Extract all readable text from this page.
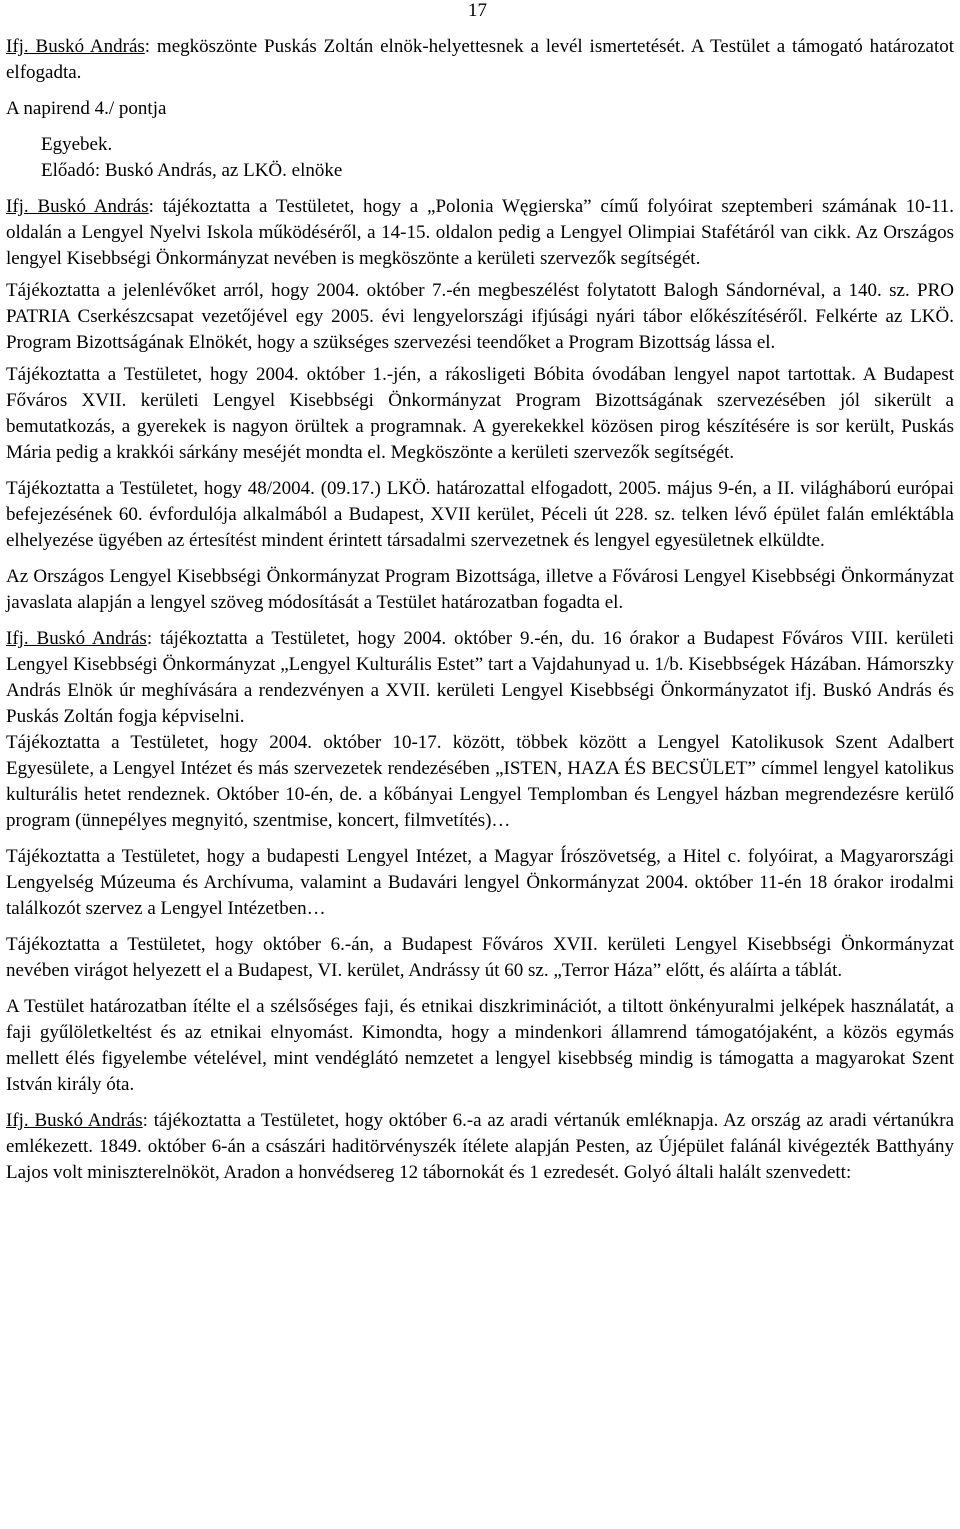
17

Ifj. Buskó András: megköszönte Puskás Zoltán elnök-helyettesnek a levél ismertetését. A Testület a támogató határozatot elfogadta.

A napirend 4./ pontja

Egyebek.

Előadó: Buskó András, az LKÖ. elnöke

Ifj. Buskó András: tájékoztatta a Testületet, hogy a „Polonia Węgierska” című folyóirat szeptemberi számának 10-11. oldalán a Lengyel Nyelvi Iskola működéséről, a 14-15. oldalon pedig a Lengyel Olimpiai Stafétáról van cikk. Az Országos lengyel Kisebbségi Önkormányzat nevében is megköszönte a kerületi szervezők segítségét.

Tájékoztatta a jelenlévőket arról, hogy 2004. október 7.-én megbeszélést folytatott Balogh Sándornéval, a 140. sz. PRO PATRIA Cserkészcsapat vezetőjével egy 2005. évi lengyelországi ifjúsági nyári tábor előkészítéséről. Felkérte az LKÖ. Program Bizottságának Elnökét, hogy a szükséges szervezési teendőket a Program Bizottság lássa el.

Tájékoztatta a Testületet, hogy 2004. október 1.-jén, a rákosligeti Bóbita óvodában lengyel napot tartottak. A Budapest Főváros XVII. kerületi Lengyel Kisebbségi Önkormányzat Program Bizottságának szervezésében jól sikerült a bemutatkozás, a gyerekek is nagyon örültek a programnak. A gyerekekkel közösen pirog készítésére is sor került, Puskás Mária pedig a krakkói sárkány meséjét mondta el. Megköszönte a kerületi szervezők segítségét.

Tájékoztatta a Testületet, hogy 48/2004. (09.17.) LKÖ. határozattal elfogadott, 2005. május 9-én, a II. világháború európai befejezésének 60. évfordulója alkalmából a Budapest, XVII kerület, Péceli út 228. sz. telken lévő épület falán emléktábla elhelyezése ügyében az értesítést mindent érintett társadalmi szervezetnek és lengyel egyesületnek elküldte.

Az Országos Lengyel Kisebbségi Önkormányzat Program Bizottsága, illetve a Fővárosi Lengyel Kisebbségi Önkormányzat javaslata alapján a lengyel szöveg módosítását a Testület határozatban fogadta el.

Ifj. Buskó András: tájékoztatta a Testületet, hogy 2004. október 9.-én, du. 16 órakor a Budapest Főváros VIII. kerületi Lengyel Kisebbségi Önkormányzat „Lengyel Kulturális Estet” tart a Vajdahunyad u. 1/b. Kisebbségek Házában. Hámorszky András Elnök úr meghívására a rendezvényen a XVII. kerületi Lengyel Kisebbségi Önkormányzatot ifj. Buskó András és Puskás Zoltán fogja képviselni.

Tájékoztatta a Testületet, hogy 2004. október 10-17. között, többek között a Lengyel Katolikusok Szent Adalbert Egyesülete, a Lengyel Intézet és más szervezetek rendezésében „ISTEN, HAZA ÉS BECSÜLET” címmel lengyel katolikus kulturális hetet rendeznek. Október 10-én, de. a kőbányai Lengyel Templomban és Lengyel házban megrendezésre kerülő program (ünnepélyes megnyitó, szentmise, koncert, filmvetítés)…

Tájékoztatta a Testületet, hogy a budapesti Lengyel Intézet, a Magyar Írószövetség, a Hitel c. folyóirat, a Magyarországi Lengyelség Múzeuma és Archívuma, valamint a Budavári lengyel Önkormányzat 2004. október 11-én 18 órakor irodalmi találkozót szervez a Lengyel Intézetben…

Tájékoztatta a Testületet, hogy október 6.-án, a Budapest Főváros XVII. kerületi Lengyel Kisebbségi Önkormányzat nevében virágot helyezett el a Budapest, VI. kerület, Andrássy út 60 sz. „Terror Háza” előtt, és aláírta a táblát.

A Testület határozatban ítélte el a szélsőséges faji, és etnikai diszkriminációt, a tiltott önkényuralmi jelképek használatát, a faji gyűlöletkeltést és az etnikai elnyomást. Kimondta, hogy a mindenkori államrend támogatójaként, a közös egymás mellett élés figyelembe vételével, mint vendéglátó nemzetet a lengyel kisebbség mindig is támogatta a magyarokat Szent István király óta.

Ifj. Buskó András: tájékoztatta a Testületet, hogy október 6.-a az aradi vértanúk emléknapja. Az ország az aradi vértanúkra emlékezett. 1849. október 6-án a császári haditörvényszék ítélete alapján Pesten, az Újépület falánál kivégezték Batthyány Lajos volt miniszterelnököt, Aradon a honvédsereg 12 tábornokát és 1 ezredesét. Golyó általi halált szenvedett:
